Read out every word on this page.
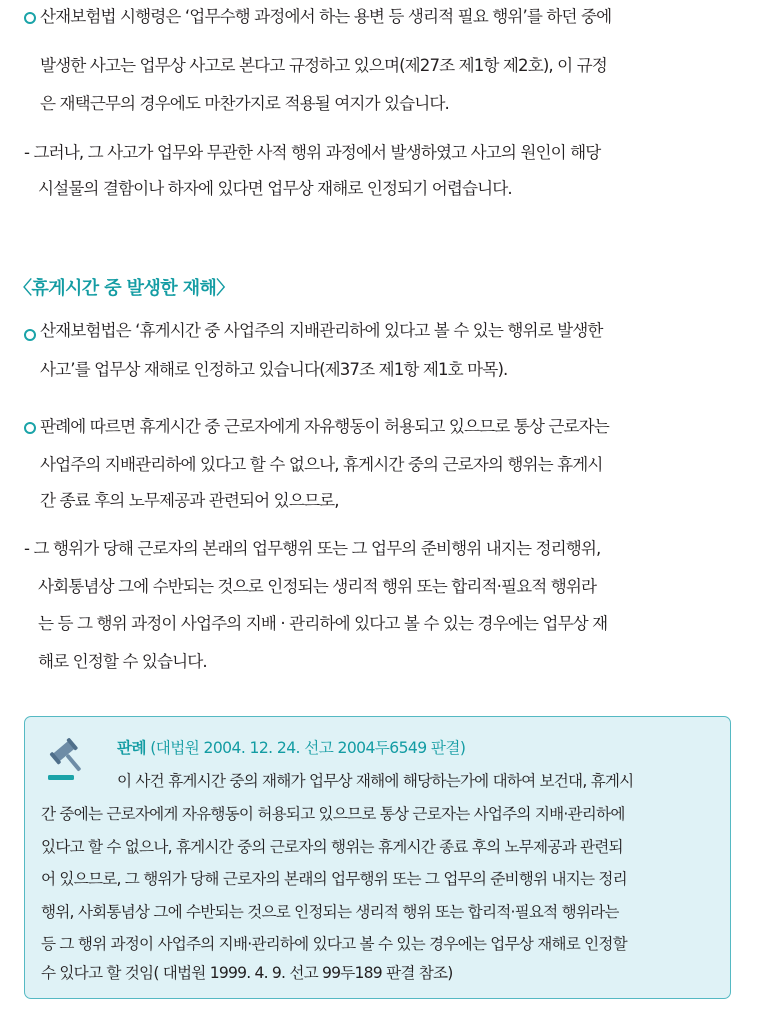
산재보험법 시행령은 ‘업무수행 과정에서 하는 용변 등 생리적 필요 행위’를 하던 중에
발생한 사고는 업무상 사고로 본다고 규정하고 있으며(제27조 제1항 제2호), 이 규정
은 재택근무의 경우에도 마찬가지로 적용될 여지가 있습니다.
- 그러나, 그 사고가 업무와 무관한 사적 행위 과정에서 발생하였고 사고의 원인이 해당
시설물의 결함이나 하자에 있다면 업무상 재해로 인정되기 어렵습니다.
〈휴게시간 중 발생한 재해〉
산재보험법은 ‘휴게시간 중 사업주의 지배관리하에 있다고 볼 수 있는 행위로 발생한
사고’를 업무상 재해로 인정하고 있습니다(제37조 제1항 제1호 마목).
판례에 따르면 휴게시간 중 근로자에게 자유행동이 허용되고 있으므로 통상 근로자는
사업주의 지배관리하에 있다고 할 수 없으나, 휴게시간 중의 근로자의 행위는 휴게시
간 종료 후의 노무제공과 관련되어 있으므로,
- 그 행위가 당해 근로자의 본래의 업무행위 또는 그 업무의 준비행위 내지는 정리행위,
사회통념상 그에 수반되는 것으로 인정되는 생리적 행위 또는 합리적·필요적 행위라
는 등 그 행위 과정이 사업주의 지배 · 관리하에 있다고 볼 수 있는 경우에는 업무상 재
해로 인정할 수 있습니다.
판례 (대법원 2004. 12. 24. 선고 2004두6549 판결)
이 사건 휴게시간 중의 재해가 업무상 재해에 해당하는가에 대하여 보건대, 휴게시
간 중에는 근로자에게 자유행동이 허용되고 있으므로 통상 근로자는 사업주의 지배·관리하에
있다고 할 수 없으나, 휴게시간 중의 근로자의 행위는 휴게시간 종료 후의 노무제공과 관련되
어 있으므로, 그 행위가 당해 근로자의 본래의 업무행위 또는 그 업무의 준비행위 내지는 정리
행위, 사회통념상 그에 수반되는 것으로 인정되는 생리적 행위 또는 합리적·필요적 행위라는
등 그 행위 과정이 사업주의 지배·관리하에 있다고 볼 수 있는 경우에는 업무상 재해로 인정할
수 있다고 할 것임( 대법원 1999. 4. 9. 선고 99두189 판결 참조)
